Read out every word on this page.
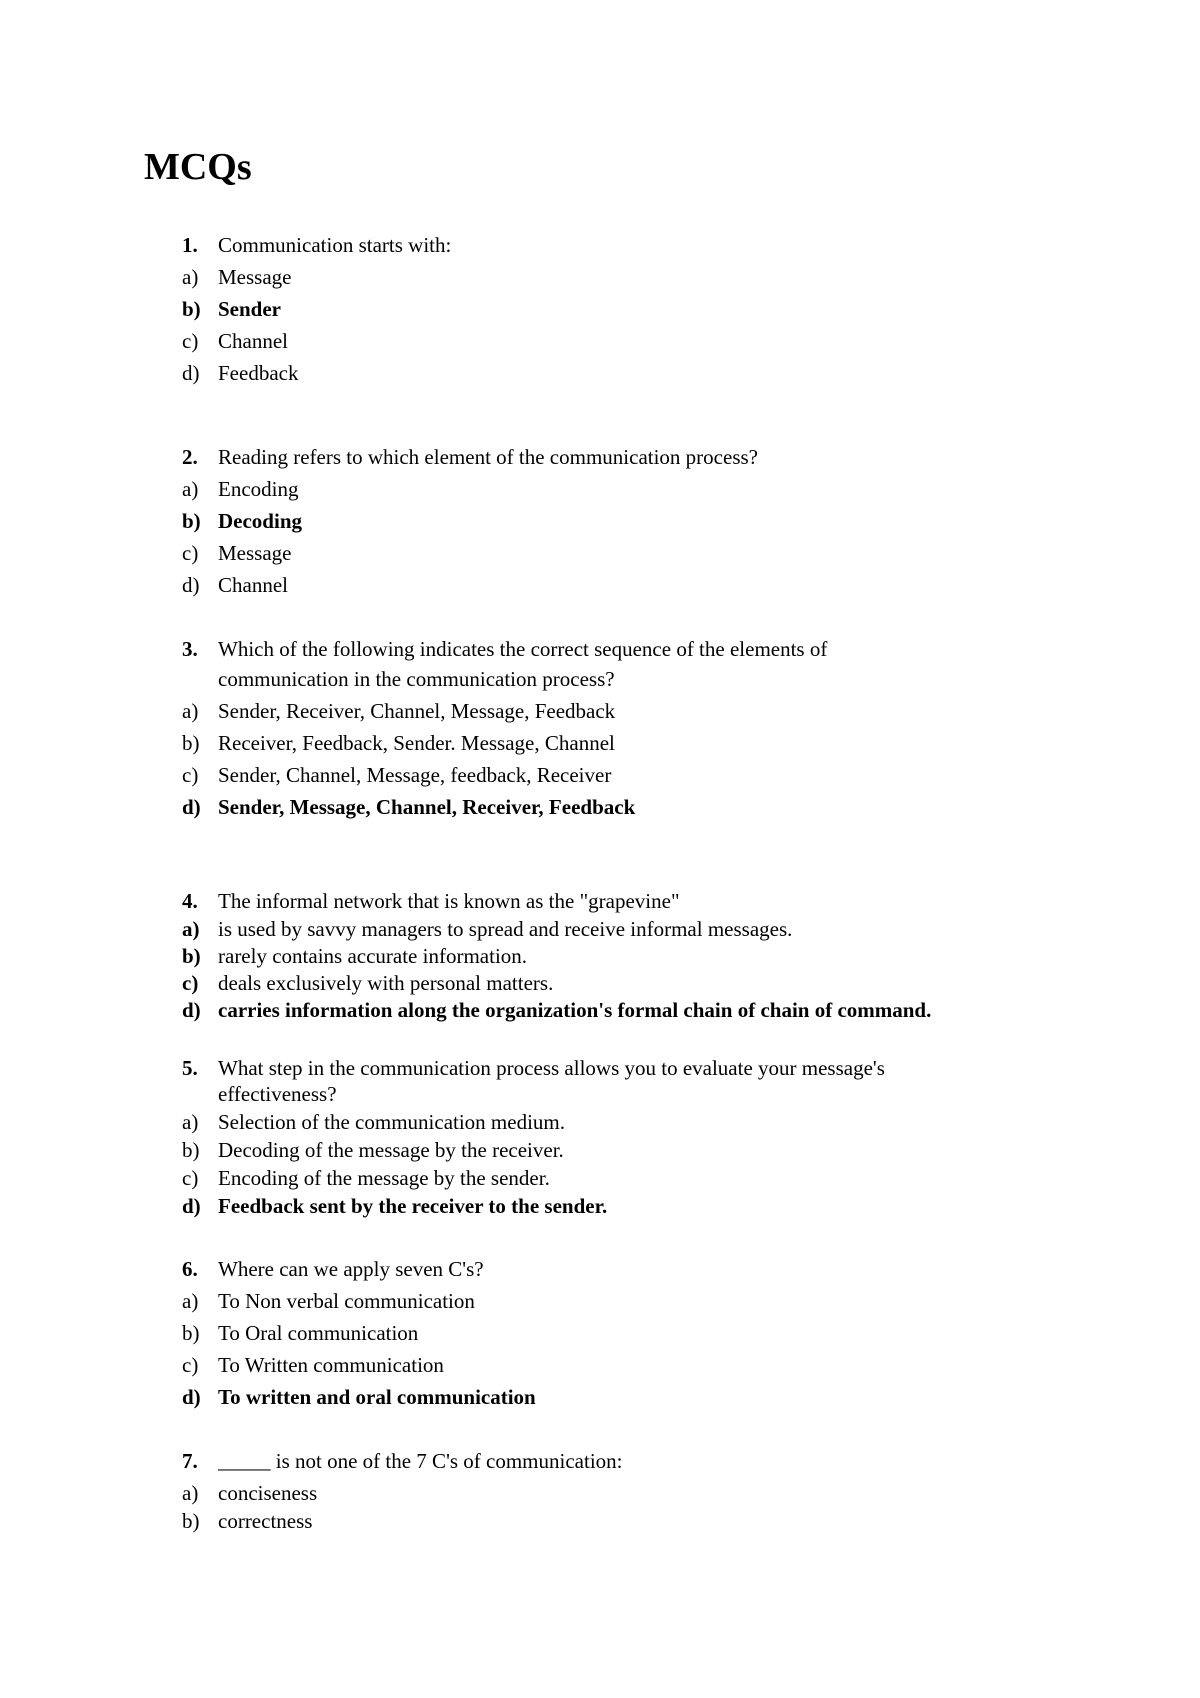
MCQs
1. Communication starts with:
a) Message
b) Sender
c) Channel
d) Feedback
2. Reading refers to which element of the communication process?
a) Encoding
b) Decoding
c) Message
d) Channel
3. Which of the following indicates the correct sequence of the elements of
communication in the communication process?
a) Sender, Receiver, Channel, Message, Feedback
b) Receiver, Feedback, Sender. Message, Channel
c) Sender, Channel, Message, feedback, Receiver
d) Sender, Message, Channel, Receiver, Feedback
4. The informal network that is known as the "grapevine"
a) is used by savvy managers to spread and receive informal messages.
b) rarely contains accurate information.
c) deals exclusively with personal matters.
d) carries information along the organization's formal chain of chain of command.
5. What step in the communication process allows you to evaluate your message's
effectiveness?
a) Selection of the communication medium.
b) Decoding of the message by the receiver.
c) Encoding of the message by the sender.
d) Feedback sent by the receiver to the sender.
6. Where can we apply seven C's?
a) To Non verbal communication
b) To Oral communication
c) To Written communication
d) To written and oral communication
7. _____ is not one of the 7 C's of communication:
a) conciseness
b) correctness
